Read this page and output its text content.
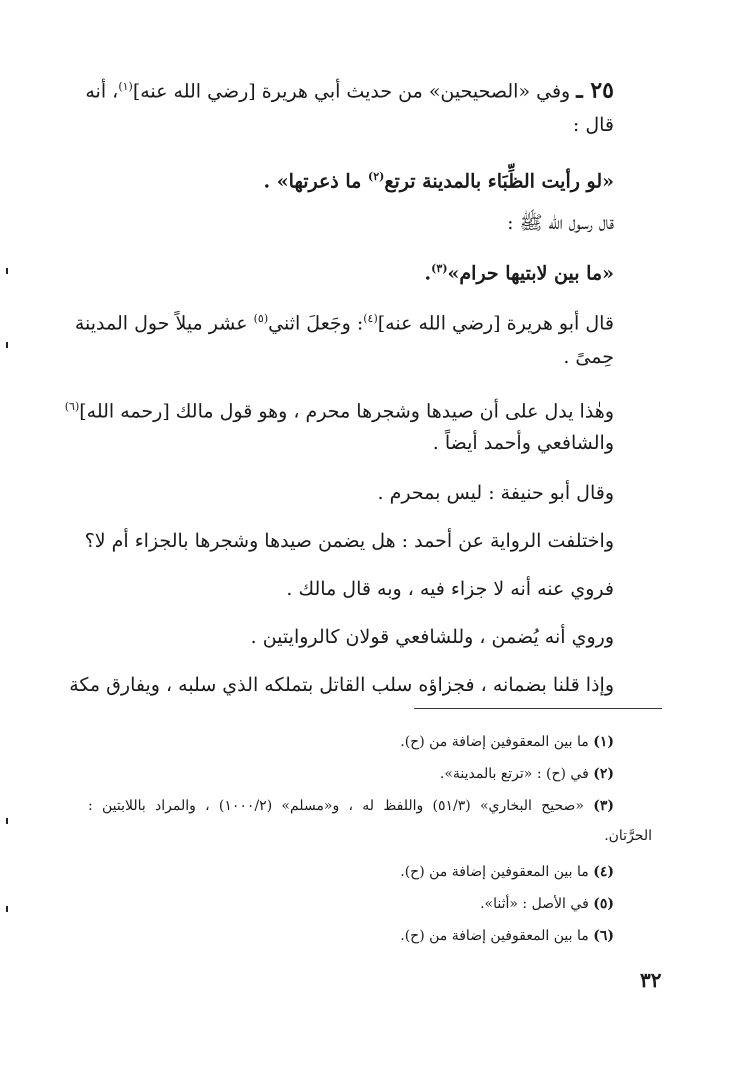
٢٥ ـ وفي «الصحيحين» من حديث أبي هريرة [رضي الله عنه]$^{(١)}$، أنه
قال :
«لو رأيت الظِّبَاء بالمدينة ترتع$^{(٢)}$ ما ذعرتها» .
قال رسول الله ﷺ :
«ما بين لابتيها حرام»$^{(٣)}$.
قال أبو هريرة [رضي الله عنه]$^{(٤)}$: وجَعلَ اثني$^{(٥)}$ عشر ميلاً حول المدينة
حِمىً .
وهٰذا يدل على أن صيدها وشجرها محرم ، وهو قول مالك [رحمه الله]$^{(٦)}$
والشافعي وأحمد أيضاً .
وقال أبو حنيفة : ليس بمحرم .
واختلفت الرواية عن أحمد : هل يضمن صيدها وشجرها بالجزاء أم لا؟
فروي عنه أنه لا جزاء فيه ، وبه قال مالك .
وروي أنه يُضمن ، وللشافعي قولان كالروايتين .
وإذا قلنا بضمانه ، فجزاؤه سلب القاتل بتملكه الذي سلبه ، ويفارق مكة
(١) ما بين المعقوفين إضافة من (ح).
(٢) في (ح) : «ترتع بالمدينة».
(٣) «صحيح البخاري» (٥١/٣) واللفظ له ، و«مسلم» (١٠٠٠/٢) ، والمراد باللابتين :
الحرَّتان.
(٤) ما بين المعقوفين إضافة من (ح).
(٥) في الأصل : «أثنا».
(٦) ما بين المعقوفين إضافة من (ح).
٣٢
